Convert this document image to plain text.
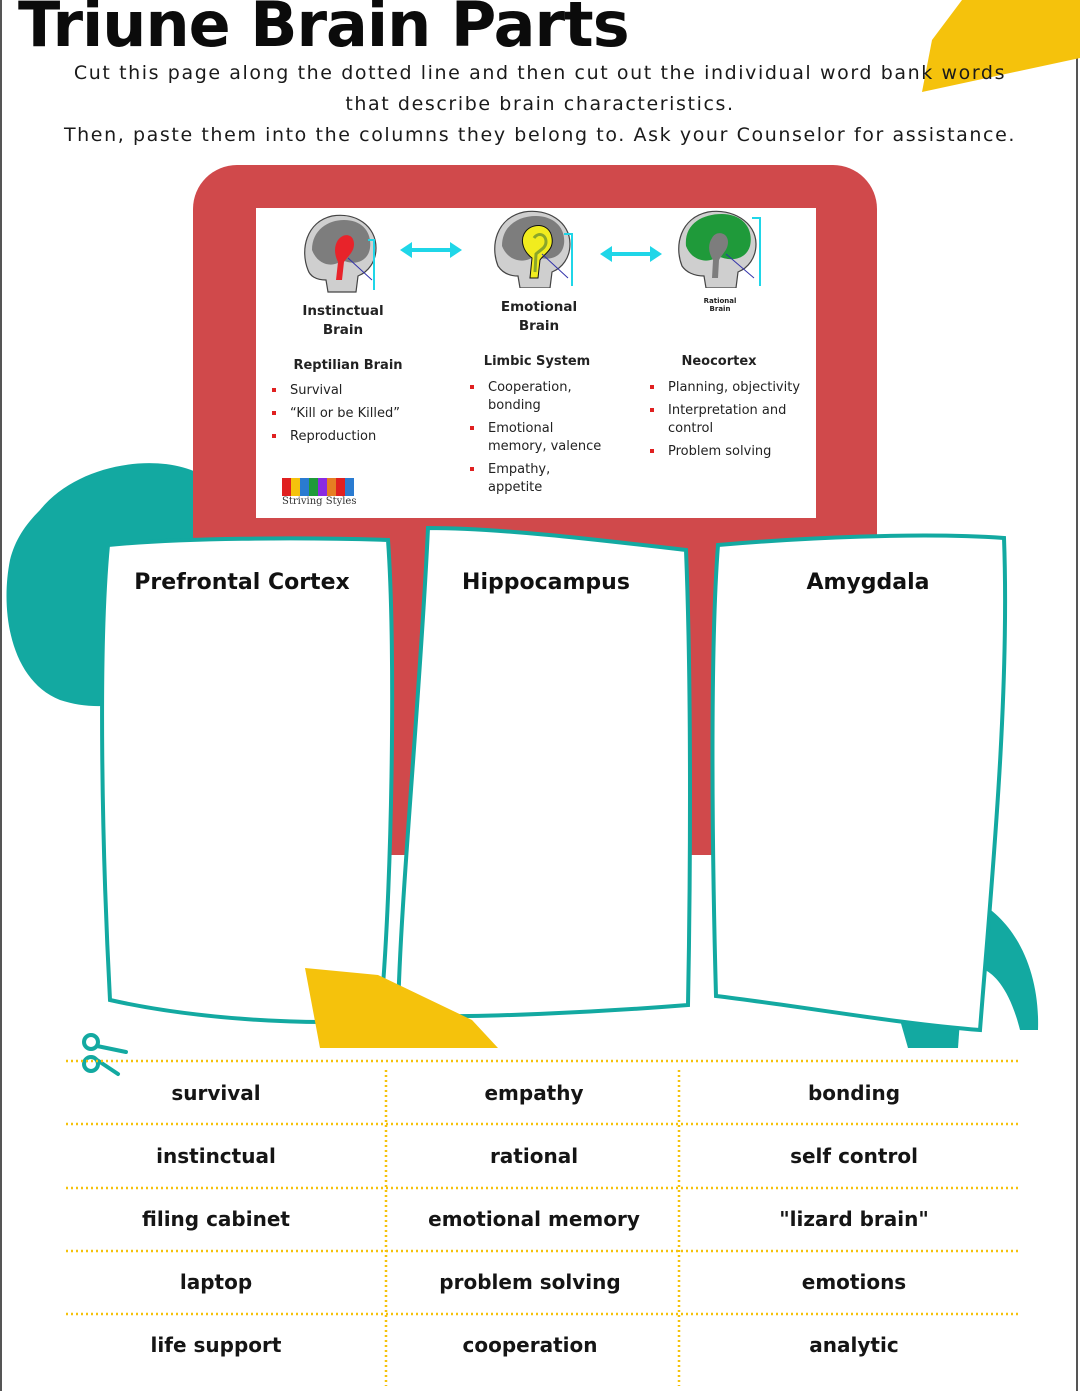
Triune Brain Parts
Cut this page along the dotted line and then cut out the individual word bank words
that describe brain characteristics.
Then, paste them into the columns they belong to. Ask your Counselor for assistance.
Instinctual
Brain
Emotional
Brain
Rational
Brain
Reptilian Brain	Limbic System	Neocortex
Survival
“Kill or be Killed”
Reproduction
Cooperation, bonding
Emotional memory, valence
Empathy, appetite
Planning, objectivity
Interpretation and control
Problem solving
Striving Styles
Prefrontal Cortex	Hippocampus	Amygdala
survival	empathy	bonding
instinctual	rational	self control
filing cabinet	emotional memory	"lizard brain"
laptop	problem solving	emotions
life support	cooperation	analytic
